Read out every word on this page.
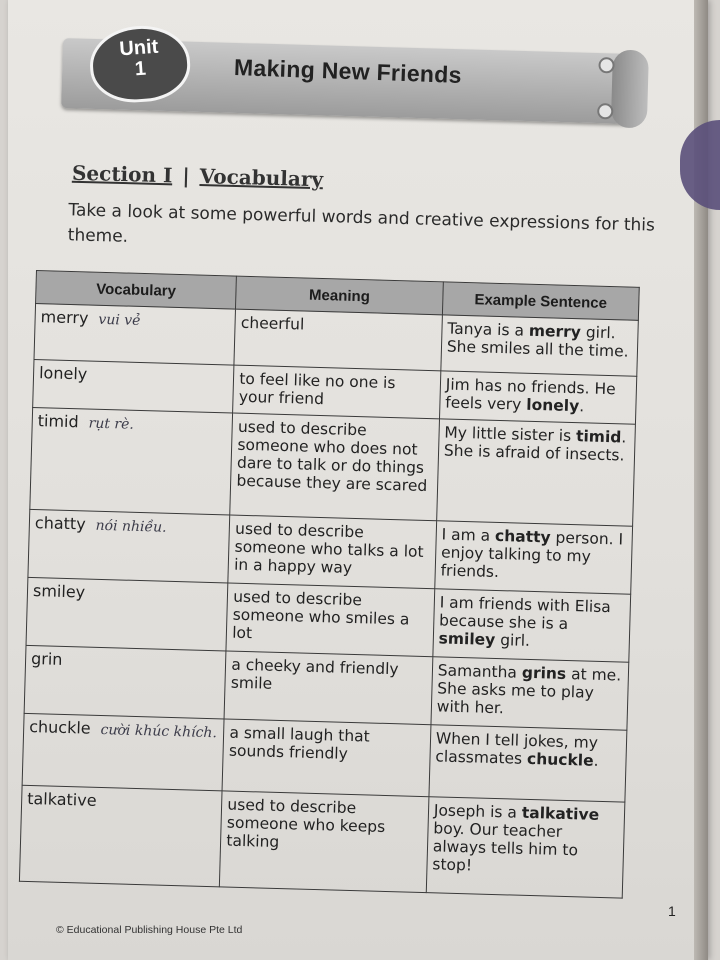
Unit
1	Making New Friends
Section I | Vocabulary
Take a look at some powerful words and creative expressions for this theme.
Vocabulary	Meaning	Example Sentence
merry vui vẻ	cheerful	Tanya is a merry girl. She smiles all the time.
lonely	to feel like no one is your friend	Jim has no friends. He feels very lonely.
timid rụt rè.	used to describe someone who does not dare to talk or do things because they are scared	My little sister is timid. She is afraid of insects.
chatty nói nhiều.	used to describe someone who talks a lot in a happy way	I am a chatty person. I enjoy talking to my friends.
smiley	used to describe someone who smiles a lot	I am friends with Elisa because she is a smiley girl.
grin	a cheeky and friendly smile	Samantha grins at me. She asks me to play with her.
chuckle cười khúc khích.	a small laugh that sounds friendly	When I tell jokes, my classmates chuckle.
talkative	used to describe someone who keeps talking	Joseph is a talkative boy. Our teacher always tells him to stop!
1
© Educational Publishing House Pte Ltd
